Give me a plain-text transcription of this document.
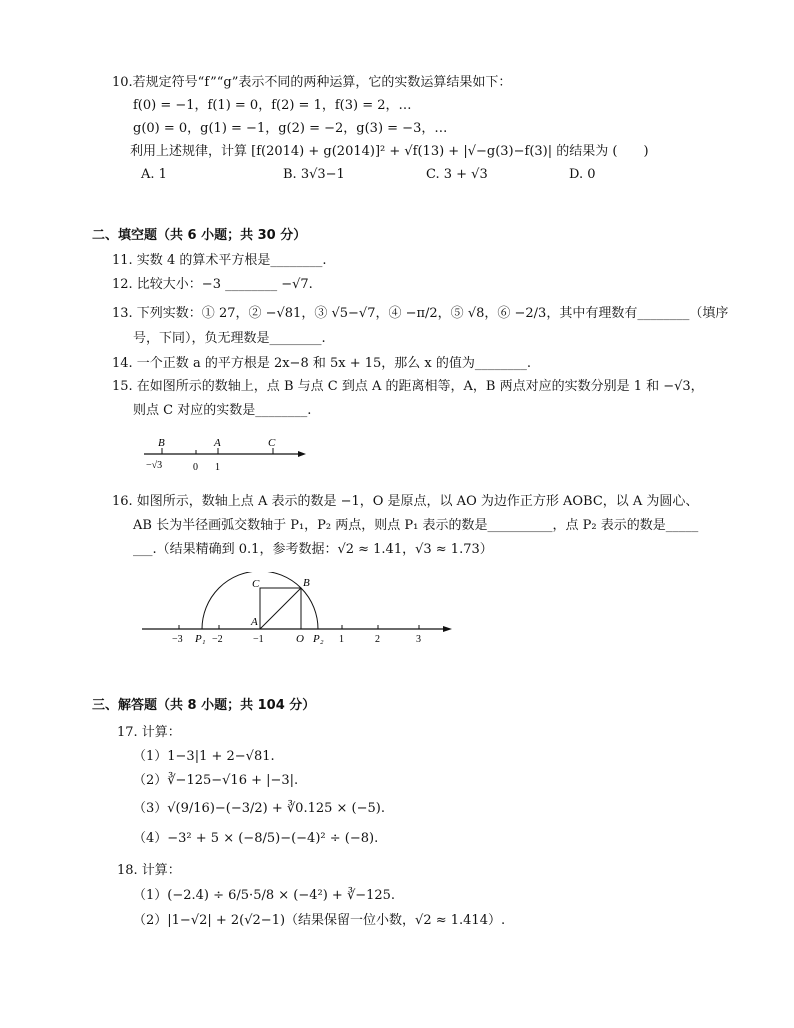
10.若规定符号“f”“g”表示不同的两种运算，它的实数运算结果如下：
f(0) = −1，f(1) = 0，f(2) = 1，f(3) = 2，…
g(0) = 0，g(1) = −1，g(2) = −2，g(3) = −3，…
利用上述规律，计算 [f(2014) + g(2014)]² + √f(13) + |√−g(3)−f(3)| 的结果为 (　　)
A. 1	B. 3√3−1	C. 3 + √3	D. 0
二、填空题（共 6 小题；共 30 分）
11. 实数 4 的算术平方根是________.
12. 比较大小：−3 ________ −√7.
13. 下列实数：① 27，② −√81，③ √5−√7，④ −π/2，⑤ √8，⑥ −2/3，其中有理数有________（填序
号，下同），负无理数是________.
14. 一个正数 a 的平方根是 2x−8 和 5x + 15，那么 x 的值为________.
15. 在如图所示的数轴上，点 B 与点 C 到点 A 的距离相等，A，B 两点对应的实数分别是 1 和 −√3，
则点 C 对应的实数是________.
B	A	C
−√3	0 1
16. 如图所示，数轴上点 A 表示的数是 −1，O 是原点，以 AO 为边作正方形 AOBC，以 A 为圆心、
AB 长为半径画弧交数轴于 P₁，P₂ 两点，则点 P₁ 表示的数是__________，点 P₂ 表示的数是_____
___.（结果精确到 0.1，参考数据：√2 ≈ 1.41，√3 ≈ 1.73）
C	B
A
O
P₁	P₂
−3	−2	−1	1	2	3
三、解答题（共 8 小题；共 104 分）
17. 计算：
（1）1−3|1 + 2−√81.
（2）∛−125−√16 + |−3|.
（3）√(9/16)−(−3/2) + ∛0.125 × (−5).
（4）−3² + 5 × (−8/5)−(−4)² ÷ (−8).
18. 计算：
（1）(−2.4) ÷ 6/5·5/8 × (−4²) + ∛−125.
（2）|1−√2| + 2(√2−1)（结果保留一位小数，√2 ≈ 1.414）.
